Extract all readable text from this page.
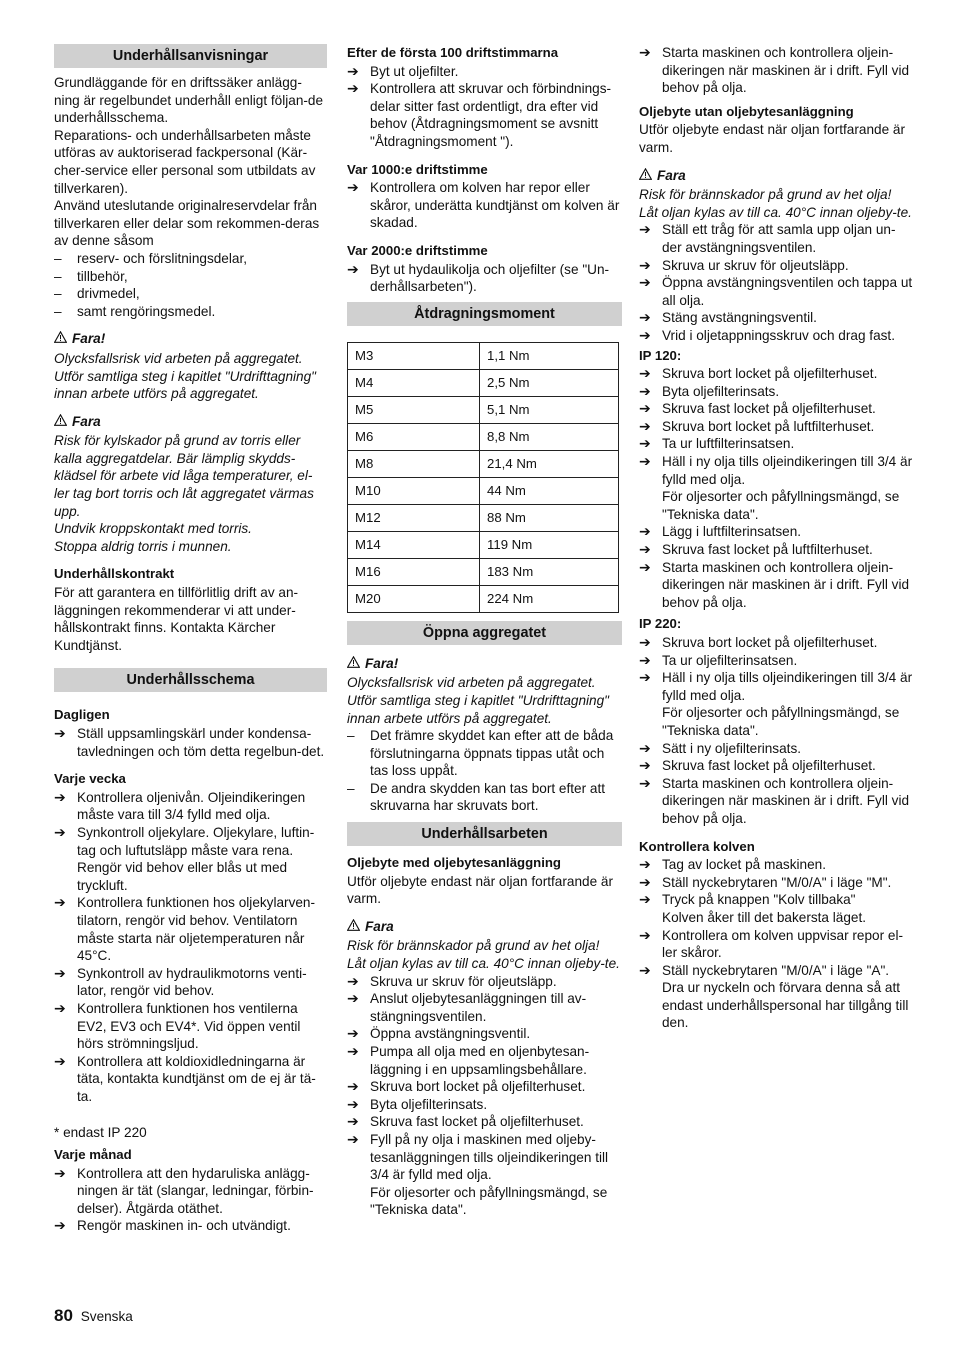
Underhållsanvisningar

Grundläggande för en driftssäker anlägg-ning är regelbundet underhåll enligt följan-de underhållsschema.

Reparations- och underhållsarbeten måste utföras av auktoriserad fackpersonal (Kär-cher-service eller personal som utbildats av tillverkaren).

Använd uteslutande originalreservdelar från tillverkaren eller delar som rekommen-deras av denne såsom

– reserv- och förslitningsdelar,
– tillbehör,
– drivmedel,
– samt rengöringsmedel.
Fara!

Olycksfallsrisk vid arbeten på aggregatet. Utför samtliga steg i kapitlet "Urdrifttagning" innan arbete utförs på aggregatet.

Fara

Risk för kylskador på grund av torris eller kalla aggregatdelar. Bär lämplig skydds-klädsel för arbete vid låga temperaturer, el-ler tag bort torris och låt aggregatet värmas upp.

Undvik kroppskontakt med torris.

Stoppa aldrig torris i munnen.

Underhållskontrakt

För att garantera en tillförlitlig drift av an-läggningen rekommenderar vi att under-hållskontrakt finns. Kontakta Kärcher Kundtjänst.

Underhållsschema
Dagligen
➔ Ställ uppsamlingskärl under kondensa-tavledningen och töm detta regelbun-det.
Varje vecka
➔ Kontrollera oljenivån. Oljeindikeringen måste vara till 3/4 fylld med olja.
➔ Synkontroll oljekylare. Oljekylare, luftin-tag och luftutsläpp måste vara rena. Rengör vid behov eller blås ut med tryckluft.
➔ Kontrollera funktionen hos oljekylarven-tilatorn, rengör vid behov. Ventilatorn måste starta när oljetemperaturen når 45°C.
➔ Synkontroll av hydraulikmotorns venti-lator, rengör vid behov.
➔ Kontrollera funktionen hos ventilerna EV2, EV3 och EV4*. Vid öppen ventil hörs strömningsljud.
➔ Kontrollera att koldioxidledningarna är täta, kontakta kundtjänst om de ej är tä-ta.

* endast IP 220

Varje månad
➔ Kontrollera att den hydaruliska anlägg-ningen är tät (slangar, ledningar, förbin-delser). Åtgärda otäthet.
➔ Rengör maskinen in- och utvändigt.
Efter de första 100 driftstimmarna
➔ Byt ut oljefilter.
➔ Kontrollera att skruvar och förbindnings-delar sitter fast ordentligt, dra efter vid behov (Åtdragningsmoment se avsnitt "Åtdragningsmoment ").
Var 1000:e driftstimme
➔ Kontrollera om kolven har repor eller skåror, underätta kundtjänst om kolven är skadad.
Var 2000:e driftstimme
➔ Byt ut hydaulikolja och oljefilter (se "Un-derhållsarbeten").
Åtdragningsmoment
M3	1,1 Nm
M4	2,5 Nm
M5	5,1 Nm
M6	8,8 Nm
M8	21,4 Nm
M10	44 Nm
M12	88 Nm
M14	119 Nm
M16	183 Nm
M20	224 Nm
Öppna aggregatet
Fara!

Olycksfallsrisk vid arbeten på aggregatet. Utför samtliga steg i kapitlet "Urdrifttagning" innan arbete utförs på aggregatet.

– Det främre skyddet kan efter att de båda förslutningarna öppnats tippas utåt och tas loss uppåt.
– De andra skydden kan tas bort efter att skruvarna har skruvats bort.
Underhållsarbeten
Oljebyte med oljebytesanläggning

Utför oljebyte endast när oljan fortfarande är varm.

Fara

Risk för brännskador på grund av het olja! Låt oljan kylas av till ca. 40°C innan oljeby-te.

➔ Skruva ur skruv för oljeutsläpp.
➔ Anslut oljebytesanläggningen till av-stängningsventilen.
➔ Öppna avstängningsventil.
➔ Pumpa all olja med en oljenbytesan-läggning i en uppsamlingsbehållare.
➔ Skruva bort locket på oljefilterhuset.
➔ Byta oljefilterinsats.
➔ Skruva fast locket på oljefilterhuset.
➔ Fyll på ny olja i maskinen med oljeby-tesanläggningen tills oljeindikeringen till 3/4 är fylld med olja.

För oljesorter och påfyllningsmängd, se "Tekniska data".

➔ Starta maskinen och kontrollera oljein-dikeringen när maskinen är i drift. Fyll vid behov på olja.
Oljebyte utan oljebytesanläggning

Utför oljebyte endast när oljan fortfarande är varm.

Fara

Risk för brännskador på grund av het olja! Låt oljan kylas av till ca. 40°C innan oljeby-te.

➔ Ställ ett tråg för att samla upp oljan un-der avstängningsventilen.
➔ Skruva ur skruv för oljeutsläpp.
➔ Öppna avstängningsventilen och tappa ut all olja.
➔ Stäng avstängningsventil.
➔ Vrid i oljetappningsskruv och drag fast.
IP 120:
➔ Skruva bort locket på oljefilterhuset.
➔ Byta oljefilterinsats.
➔ Skruva fast locket på oljefilterhuset.
➔ Skruva bort locket på luftfilterhuset.
➔ Ta ur luftfilterinsatsen.
➔ Häll i ny olja tills oljeindikeringen till 3/4 är fylld med olja.

För oljesorter och påfyllningsmängd, se "Tekniska data".

➔ Lägg i luftfilterinsatsen.
➔ Skruva fast locket på luftfilterhuset.
➔ Starta maskinen och kontrollera oljein-dikeringen när maskinen är i drift. Fyll vid behov på olja.
IP 220:
➔ Skruva bort locket på oljefilterhuset.
➔ Ta ur oljefilterinsatsen.
➔ Häll i ny olja tills oljeindikeringen till 3/4 är fylld med olja.

För oljesorter och påfyllningsmängd, se "Tekniska data".

➔ Sätt i ny oljefilterinsats.
➔ Skruva fast locket på oljefilterhuset.
➔ Starta maskinen och kontrollera oljein-dikeringen när maskinen är i drift. Fyll vid behov på olja.
Kontrollera kolven
➔ Tag av locket på maskinen.
➔ Ställ nyckebrytaren "M/0/A" i läge "M".
➔ Tryck på knappen "Kolv tillbaka"

Kolven åker till det bakersta läget.

➔ Kontrollera om kolven uppvisar repor el-ler skåror.
➔ Ställ nyckebrytaren "M/0/A" i läge "A".

Dra ur nyckeln och förvara denna så att endast underhållspersonal har tillgång till den.

80 Svenska
